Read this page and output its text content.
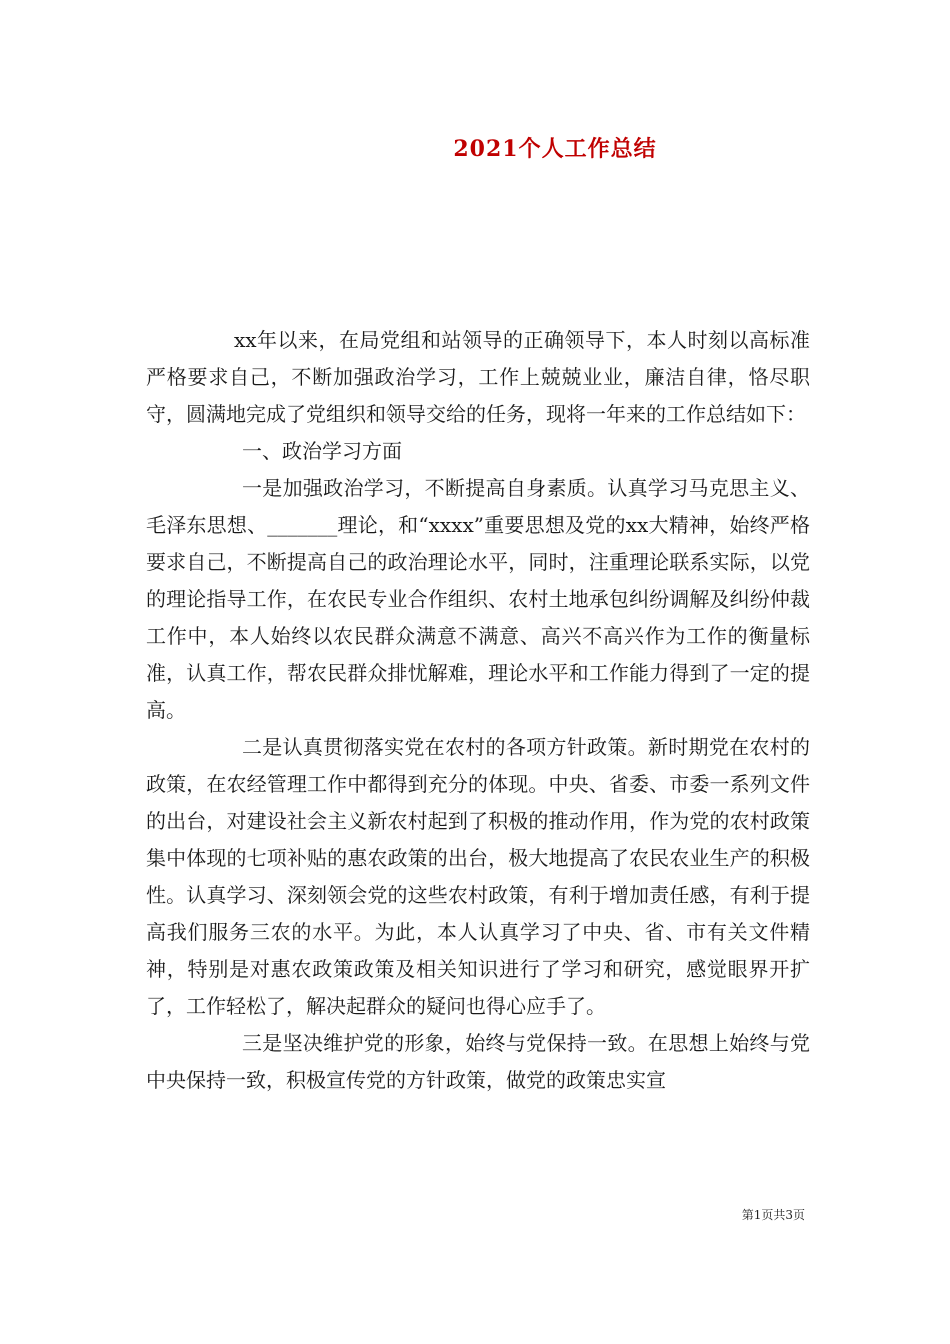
2021个人工作总结

xx年以来，在局党组和站领导的正确领导下，本人时刻以高标准严格要求自己，不断加强政治学习，工作上兢兢业业，廉洁自律，恪尽职守，圆满地完成了党组织和领导交给的任务，现将一年来的工作总结如下：

一、政治学习方面

一是加强政治学习，不断提高自身素质。认真学习马克思主义、毛泽东思想、_______理论，和“xxxx”重要思想及党的xx大精神，始终严格要求自己，不断提高自己的政治理论水平，同时，注重理论联系实际，以党的理论指导工作，在农民专业合作组织、农村土地承包纠纷调解及纠纷仲裁工作中，本人始终以农民群众满意不满意、高兴不高兴作为工作的衡量标准，认真工作，帮农民群众排忧解难，理论水平和工作能力得到了一定的提高。

二是认真贯彻落实党在农村的各项方针政策。新时期党在农村的政策，在农经管理工作中都得到充分的体现。中央、省委、市委一系列文件的出台，对建设社会主义新农村起到了积极的推动作用，作为党的农村政策集中体现的七项补贴的惠农政策的出台，极大地提高了农民农业生产的积极性。认真学习、深刻领会党的这些农村政策，有利于增加责任感，有利于提高我们服务三农的水平。为此，本人认真学习了中央、省、市有关文件精神，特别是对惠农政策政策及相关知识进行了学习和研究，感觉眼界开扩了，工作轻松了，解决起群众的疑问也得心应手了。

三是坚决维护党的形象，始终与党保持一致。在思想上始终与党中央保持一致，积极宣传党的方针政策，做党的政策忠实宣

第1页共3页
